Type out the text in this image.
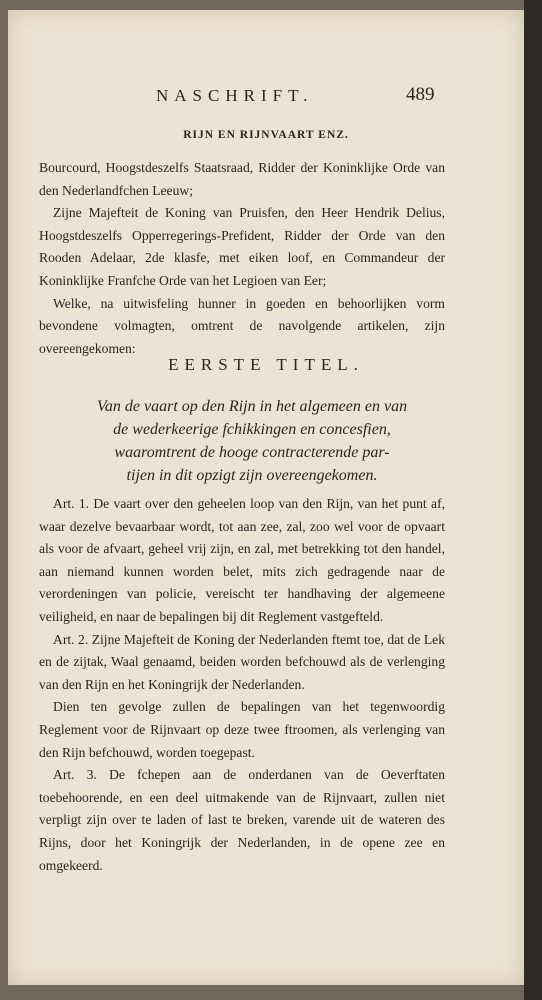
NASCHRIFT.	489
RIJN EN RIJNVAART ENZ.

Bourcourd, Hoogstdeszelfs Staatsraad, Ridder der Koninklijke Orde van den Nederlandfchen Leeuw;

Zijne Majefteit de Koning van Pruisfen, den Heer Hendrik Delius, Hoogstdeszelfs Opperregerings-Prefident, Ridder der Orde van den Rooden Adelaar, 2de klasfe, met eiken loof, en Commandeur der Koninklijke Franfche Orde van het Legioen van Eer;

Welke, na uitwisfeling hunner in goeden en behoorlijken vorm bevondene volmagten, omtrent de navolgende artikelen, zijn overeengekomen:

EERSTE TITEL.
Van de vaart op den Rijn in het algemeen en van
de wederkeerige fchikkingen en concesfien,
waaromtrent de hooge contracterende par-
tijen in dit opzigt zijn overeengekomen.

Art. 1. De vaart over den geheelen loop van den Rijn, van het punt af, waar dezelve bevaarbaar wordt, tot aan zee, zal, zoo wel voor de opvaart als voor de afvaart, geheel vrij zijn, en zal, met betrekking tot den handel, aan niemand kunnen worden belet, mits zich gedragende naar de verordeningen van policie, vereischt ter handhaving der algemeene veiligheid, en naar de bepalingen bij dit Reglement vastgefteld.

Art. 2. Zijne Majefteit de Koning der Nederlanden ftemt toe, dat de Lek en de zijtak, Waal genaamd, beiden worden befchouwd als de verlenging van den Rijn en het Koningrijk der Nederlanden.

Dien ten gevolge zullen de bepalingen van het tegenwoordig Reglement voor de Rijnvaart op deze twee ftroomen, als verlenging van den Rijn befchouwd, worden toegepast.

Art. 3. De fchepen aan de onderdanen van de Oeverftaten toebehoorende, en een deel uitmakende van de Rijnvaart, zullen niet verpligt zijn over te laden of last te breken, varende uit de wateren des Rijns, door het Koningrijk der Nederlanden, in de opene zee en omgekeerd.
